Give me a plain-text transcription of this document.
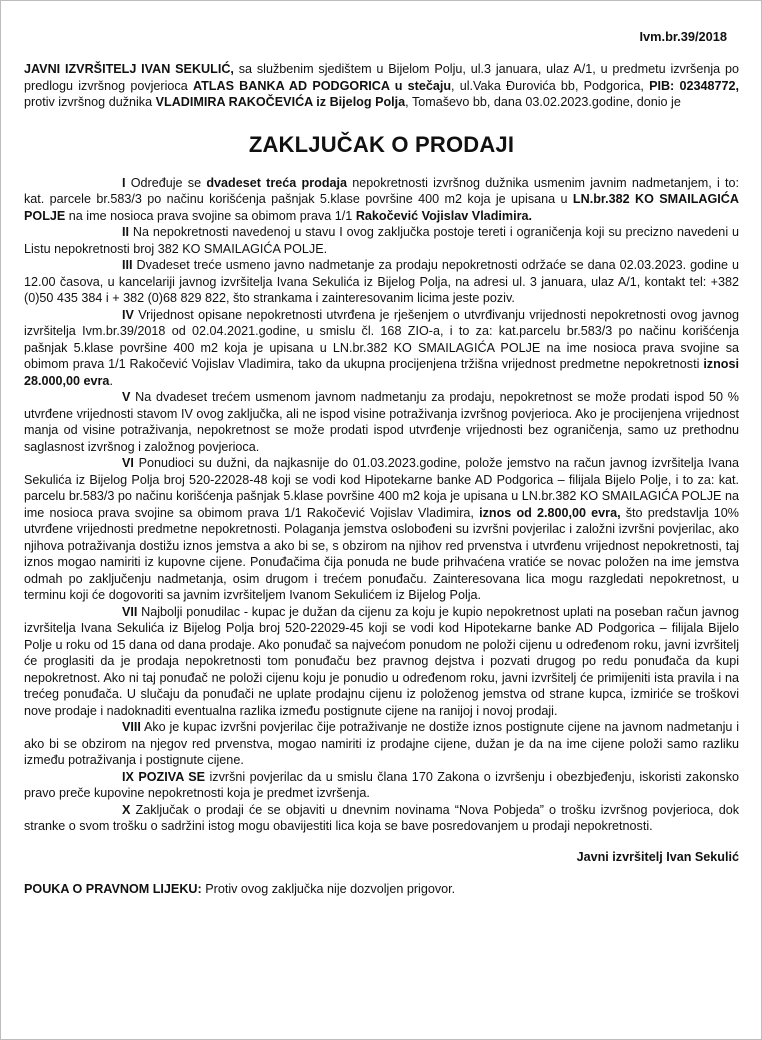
Ivm.br.39/2018

JAVNI IZVRŠITELJ IVAN SEKULIĆ, sa službenim sjedištem u Bijelom Polju, ul.3 januara, ulaz A/1, u predmetu izvršenja po predlogu izvršnog povjerioca ATLAS BANKA AD PODGORICA u stečaju, ul.Vaka Đurovića bb, Podgorica, PIB: 02348772, protiv izvršnog dužnika VLADIMIRA RAKOČEVIĆA iz Bijelog Polja, Tomaševo bb, dana 03.02.2023.godine, donio je

ZAKLJUČAK O PRODAJI

I Određuje se dvadeset treća prodaja nepokretnosti izvršnog dužnika usmenim javnim nadmetanjem, i to: kat. parcele br.583/3 po načinu korišćenja pašnjak 5.klase površine 400 m2 koja je upisana u LN.br.382 KO SMAILAGIĆA POLJE na ime nosioca prava svojine sa obimom prava 1/1 Rakočević Vojislav Vladimira.

II Na nepokretnosti navedenoj u stavu I ovog zaključka postoje tereti i ograničenja koji su precizno navedeni u Listu nepokretnosti broj 382 KO SMAILAGIĆA POLJE.

III Dvadeset treće usmeno javno nadmetanje za prodaju nepokretnosti održaće se dana 02.03.2023. godine u 12.00 časova, u kancelariji javnog izvršitelja Ivana Sekulića iz Bijelog Polja, na adresi ul. 3 januara, ulaz A/1, kontakt tel: +382 (0)50 435 384 i + 382 (0)68 829 822, što strankama i zainteresovanim licima jeste poziv.

IV Vrijednost opisane nepokretnosti utvrđena je rješenjem o utvrđivanju vrijednosti nepokretnosti ovog javnog izvršitelja Ivm.br.39/2018 od 02.04.2021.godine, u smislu čl. 168 ZIO-a, i to za: kat.parcelu br.583/3 po načinu korišćenja pašnjak 5.klase površine 400 m2 koja je upisana u LN.br.382 KO SMAILAGIĆA POLJE na ime nosioca prava svojine sa obimom prava 1/1 Rakočević Vojislav Vladimira, tako da ukupna procijenjena tržišna vrijednost predmetne nepokretnosti iznosi 28.000,00 evra.

V Na dvadeset trećem usmenom javnom nadmetanju za prodaju, nepokretnost se može prodati ispod 50 % utvrđene vrijednosti stavom IV ovog zaključka, ali ne ispod visine potraživanja izvršnog povjerioca. Ako je procijenjena vrijednost manja od visine potraživanja, nepokretnost se može prodati ispod utvrđenje vrijednosti bez ograničenja, samo uz prethodnu saglasnost izvršnog i založnog povjerioca.

VI Ponudioci su dužni, da najkasnije do 01.03.2023.godine, polože jemstvo na račun javnog izvršitelja Ivana Sekulića iz Bijelog Polja broj 520-22028-48 koji se vodi kod Hipotekarne banke AD Podgorica – filijala Bijelo Polje, i to za: kat. parcelu br.583/3 po načinu korišćenja pašnjak 5.klase površine 400 m2 koja je upisana u LN.br.382 KO SMAILAGIĆA POLJE na ime nosioca prava svojine sa obimom prava 1/1 Rakočević Vojislav Vladimira, iznos od 2.800,00 evra, što predstavlja 10% utvrđene vrijednosti predmetne nepokretnosti. Polaganja jemstva oslobođeni su izvršni povjerilac i založni izvršni povjerilac, ako njihova potraživanja dostižu iznos jemstva a ako bi se, s obzirom na njihov red prvenstva i utvrđenu vrijednost nepokretnosti, taj iznos mogao namiriti iz kupovne cijene. Ponuđačima čija ponuda ne bude prihvaćena vratiće se novac položen na ime jemstva odmah po zaključenju nadmetanja, osim drugom i trećem ponuđaču. Zainteresovana lica mogu razgledati nepokretnost, u terminu koji će dogovoriti sa javnim izvršiteljem Ivanom Sekulićem iz Bijelog Polja.

VII Najbolji ponudilac - kupac je dužan da cijenu za koju je kupio nepokretnost uplati na poseban račun javnog izvršitelja Ivana Sekulića iz Bijelog Polja broj 520-22029-45 koji se vodi kod Hipotekarne banke AD Podgorica – filijala Bijelo Polje u roku od 15 dana od dana prodaje. Ako ponuđač sa najvećom ponudom ne položi cijenu u određenom roku, javni izvršitelj će proglasiti da je prodaja nepokretnosti tom ponuđaču bez pravnog dejstva i pozvati drugog po redu ponuđača da kupi nepokretnost. Ako ni taj ponuđač ne položi cijenu koju je ponudio u određenom roku, javni izvršitelj će primijeniti ista pravila i na trećeg ponuđača. U slučaju da ponuđači ne uplate prodajnu cijenu iz položenog jemstva od strane kupca, izmiriće se troškovi nove prodaje i nadoknaditi eventualna razlika između postignute cijene na ranijoj i novoj prodaji.

VIII Ako je kupac izvršni povjerilac čije potraživanje ne dostiže iznos postignute cijene na javnom nadmetanju i ako bi se obzirom na njegov red prvenstva, mogao namiriti iz prodajne cijene, dužan je da na ime cijene položi samo razliku između potraživanja i postignute cijene.

IX POZIVA SE izvršni povjerilac da u smislu člana 170 Zakona o izvršenju i obezbjeđenju, iskoristi zakonsko pravo preče kupovine nepokretnosti koja je predmet izvršenja.

X Zaključak o prodaji će se objaviti u dnevnim novinama “Nova Pobjeda” o trošku izvršnog povjerioca, dok stranke o svom trošku o sadržini istog mogu obavijestiti lica koja se bave posredovanjem u prodaji nepokretnosti.

Javni izvršitelj Ivan Sekulić

POUKA O PRAVNOM LIJEKU: Protiv ovog zaključka nije dozvoljen prigovor.
